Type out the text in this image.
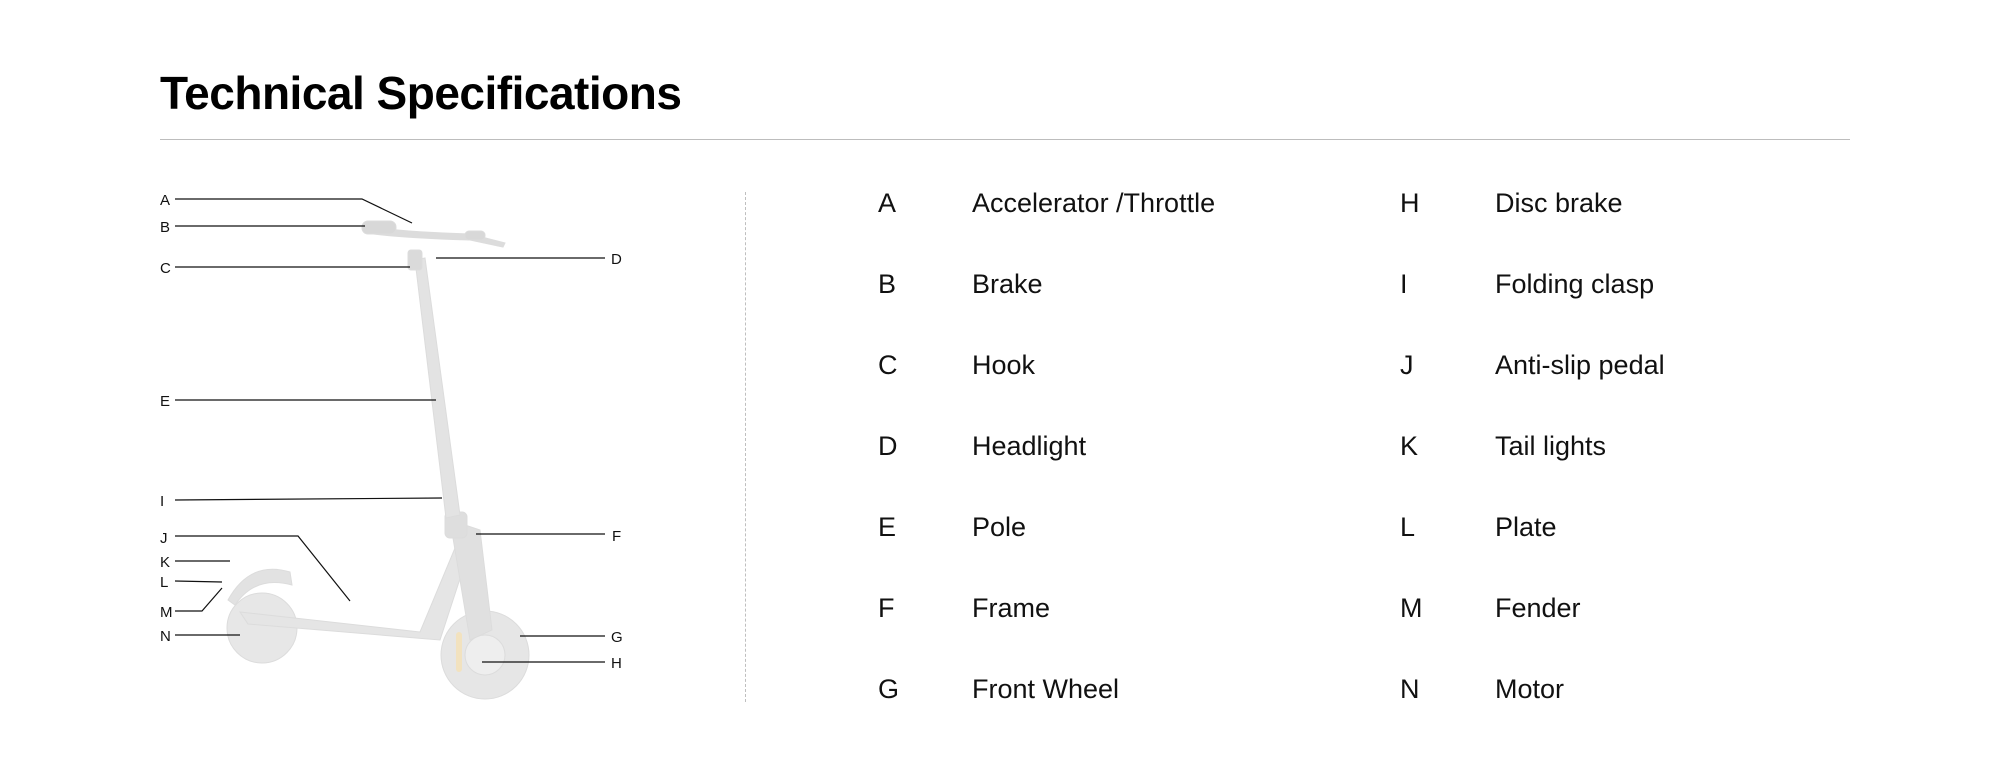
Technical Specifications
A
B
C
D
E
I
F
J
K
L
M
N	G
H
A	Accelerator /Throttle
B	Brake
C	Hook
D	Headlight
E	Pole
F	Frame
G	Front Wheel
H	Disc brake
I	Folding clasp
J	Anti-slip pedal
K	Tail lights
L	Plate
M	Fender
N	Motor
